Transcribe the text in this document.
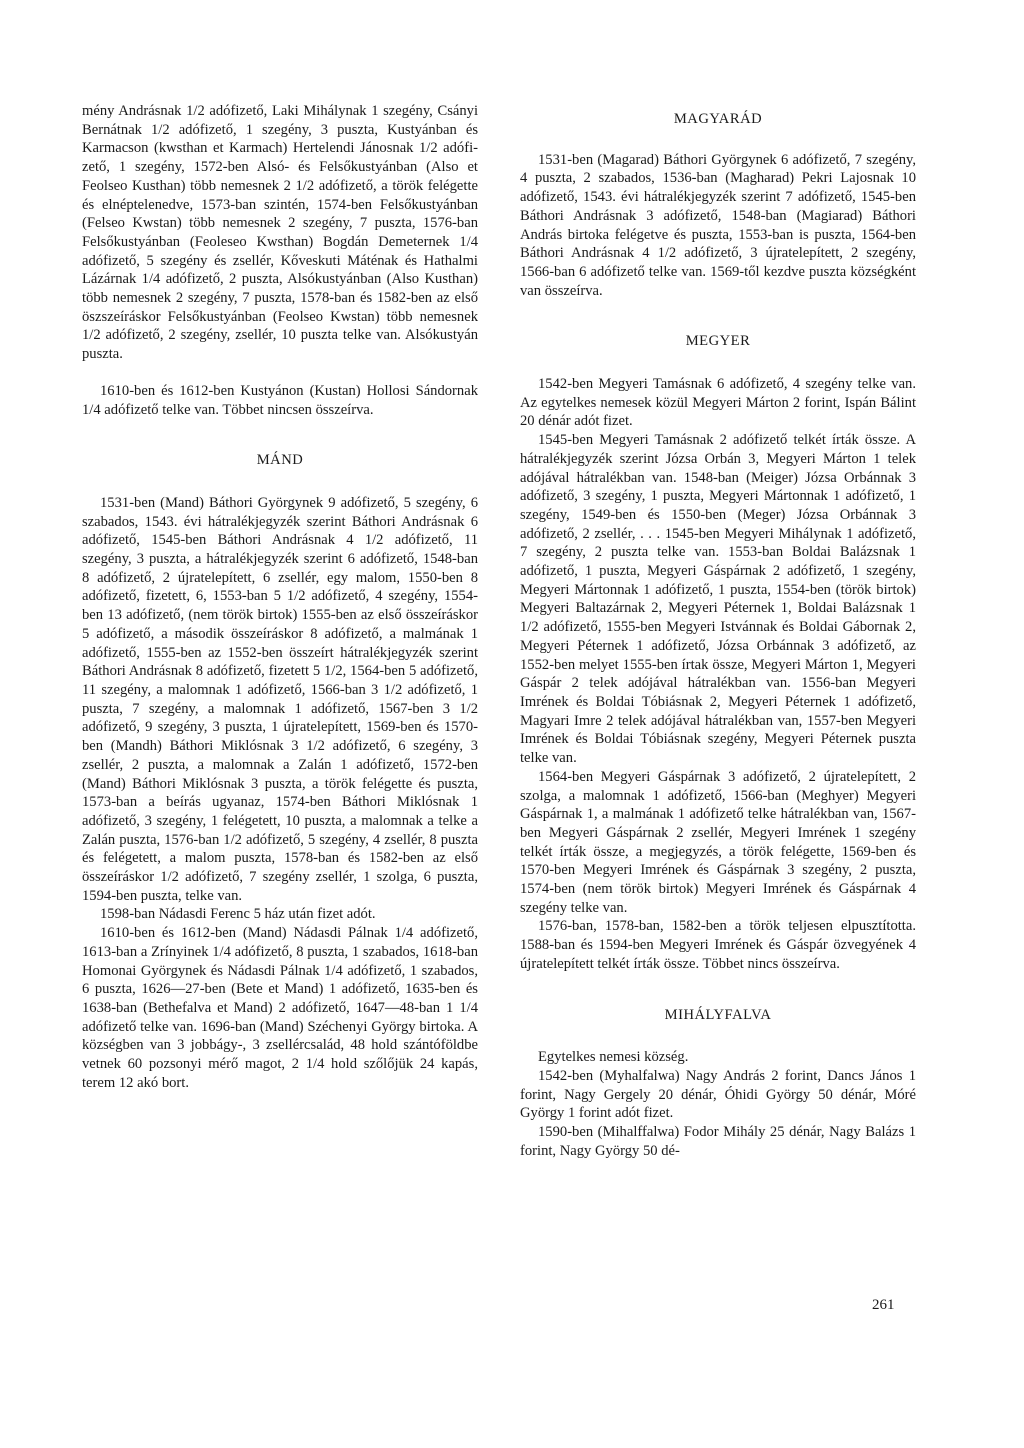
mény Andrásnak 1/2 adófizető, Laki Mihálynak 1 szegény, Csányi Bernátnak 1/2 adófizető, 1 szegény, 3 puszta, Kustyánban és Karmacson (kwsthan et Karmach) Hertelendi Jánosnak 1/2 adófizető, 1 szegény, 1572-ben Alsó- és Felsőkustyánban (Also et Feolseo Kusthan) több nemesnek 2 1/2 adófizető, a török felégette és elnéptelenedve, 1573-ban szintén, 1574-ben Felsőkustyánban (Felseo Kwstan) több nemesnek 2 szegény, 7 puszta, 1576-ban Felsőkustyánban (Feoleseo Kwsthan) Bogdán Demeternek 1/4 adófizető, 5 szegény és zsellér, Kőveskuti Máténak és Hathalmi Lázárnak 1/4 adófizető, 2 puszta, Alsókustyánban (Also Kusthan) több nemesnek 2 szegény, 7 puszta, 1578-ban és 1582-ben az első öszszeíráskor Felsőkustyánban (Feolseo Kwstan) több nemesnek 1/2 adófizető, 2 szegény, zsellér, 10 puszta telke van. Alsókustyán puszta.

1610-ben és 1612-ben Kustyánon (Kustan) Hollosi Sándornak 1/4 adófizető telke van. Többet nincsen összeírva.

MÁND

1531-ben (Mand) Báthori Györgynek 9 adófizető, 5 szegény, 6 szabados, 1543. évi hátralékjegyzék szerint Báthori Andrásnak 6 adófizető, 1545-ben Báthori Andrásnak 4 1/2 adófizető, 11 szegény, 3 puszta, a hátralékjegyzék szerint 6 adófizető, 1548-ban 8 adófizető, 2 újratelepített, 6 zsellér, egy malom, 1550-ben 8 adófizető, fizetett, 6, 1553-ban 5 1/2 adófizető, 4 szegény, 1554-ben 13 adófizető, (nem török birtok) 1555-ben az első összeíráskor 5 adófizető, a második összeíráskor 8 adófizető, a malmának 1 adófizető, 1555-ben az 1552-ben összeírt hátralékjegyzék szerint Báthori Andrásnak 8 adófizető, fizetett 5 1/2, 1564-ben 5 adófizető, 11 szegény, a malomnak 1 adófizető, 1566-ban 3 1/2 adófizető, 1 puszta, 7 szegény, a malomnak 1 adófizető, 1567-ben 3 1/2 adófizető, 9 szegény, 3 puszta, 1 újratelepített, 1569-ben és 1570-ben (Mandh) Báthori Miklósnak 3 1/2 adófizető, 6 szegény, 3 zsellér, 2 puszta, a malomnak a Zalán 1 adófizető, 1572-ben (Mand) Báthori Miklósnak 3 puszta, a török felégette és puszta, 1573-ban a beírás ugyanaz, 1574-ben Báthori Miklósnak 1 adófizető, 3 szegény, 1 felégetett, 10 puszta, a malomnak a telke a Zalán puszta, 1576-ban 1/2 adófizető, 5 szegény, 4 zsellér, 8 puszta és felégetett, a malom puszta, 1578-ban és 1582-ben az első összeíráskor 1/2 adófizető, 7 szegény zsellér, 1 szolga, 6 puszta, 1594-ben puszta, telke van.

1598-ban Nádasdi Ferenc 5 ház után fizet adót.

1610-ben és 1612-ben (Mand) Nádasdi Pálnak 1/4 adófizető, 1613-ban a Zrínyinek 1/4 adófizető, 8 puszta, 1 szabados, 1618-ban Homonai Györgynek és Nádasdi Pálnak 1/4 adófizető, 1 szabados, 6 puszta, 1626—27-ben (Bete et Mand) 1 adófizető, 1635-ben és 1638-ban (Bethefalva et Mand) 2 adófizető, 1647—48-ban 1 1/4 adófizető telke van. 1696-ban (Mand) Széchenyi György birtoka. A községben van 3 jobbágy-, 3 zsellércsalád, 48 hold szántóföldbe vetnek 60 pozsonyi mérő magot, 2 1/4 hold szőlőjük 24 kapás, terem 12 akó bort.

MAGYARÁD

1531-ben (Magarad) Báthori Györgynek 6 adófizető, 7 szegény, 4 puszta, 2 szabados, 1536-ban (Magharad) Pekri Lajosnak 10 adófizető, 1543. évi hátralékjegyzék szerint 7 adófizető, 1545-ben Báthori Andrásnak 3 adófizető, 1548-ban (Magiarad) Báthori András birtoka felégetve és puszta, 1553-ban is puszta, 1564-ben Báthori Andrásnak 4 1/2 adófizető, 3 újratelepített, 2 szegény, 1566-ban 6 adófizető telke van. 1569-től kezdve puszta községként van összeírva.

MEGYER

1542-ben Megyeri Tamásnak 6 adófizető, 4 szegény telke van. Az egytelkes nemesek közül Megyeri Márton 2 forint, Ispán Bálint 20 dénár adót fizet.

1545-ben Megyeri Tamásnak 2 adófizető telkét írták össze. A hátralékjegyzék szerint Józsa Orbán 3, Megyeri Márton 1 telek adójával hátralékban van. 1548-ban (Meiger) Józsa Orbánnak 3 adófizető, 3 szegény, 1 puszta, Megyeri Mártonnak 1 adófizető, 1 szegény, 1549-ben és 1550-ben (Meger) Józsa Orbánnak 3 adófizető, 2 zsellér, . . . 1545-ben Megyeri Mihálynak 1 adófizető, 7 szegény, 2 puszta telke van. 1553-ban Boldai Balázsnak 1 adófizető, 1 puszta, Megyeri Gáspárnak 2 adófizető, 1 szegény, Megyeri Mártonnak 1 adófizető, 1 puszta, 1554-ben (török birtok) Megyeri Baltazárnak 2, Megyeri Péternek 1, Boldai Balázsnak 1 1/2 adófizető, 1555-ben Megyeri Istvánnak és Boldai Gábornak 2, Megyeri Péternek 1 adófizető, Józsa Orbánnak 3 adófizető, az 1552-ben melyet 1555-ben írtak össze, Megyeri Márton 1, Megyeri Gáspár 2 telek adójával hátralékban van. 1556-ban Megyeri Imrének és Boldai Tóbiásnak 2, Megyeri Péternek 1 adófizető, Magyari Imre 2 telek adójával hátralékban van, 1557-ben Megyeri Imrének és Boldai Tóbiásnak szegény, Megyeri Péternek puszta telke van.

1564-ben Megyeri Gáspárnak 3 adófizető, 2 újratelepített, 2 szolga, a malomnak 1 adófizető, 1566-ban (Meghyer) Megyeri Gáspárnak 1, a malmának 1 adófizető telke hátralékban van, 1567-ben Megyeri Gáspárnak 2 zsellér, Megyeri Imrének 1 szegény telkét írták össze, a megjegyzés, a török felégette, 1569-ben és 1570-ben Megyeri Imrének és Gáspárnak 3 szegény, 2 puszta, 1574-ben (nem török birtok) Megyeri Imrének és Gáspárnak 4 szegény telke van.

1576-ban, 1578-ban, 1582-ben a török teljesen elpusztította. 1588-ban és 1594-ben Megyeri Imrének és Gáspár özvegyének 4 újratelepített telkét írták össze. Többet nincs összeírva.

MIHÁLYFALVA

Egytelkes nemesi község.

1542-ben (Myhalfalwa) Nagy András 2 forint, Dancs János 1 forint, Nagy Gergely 20 dénár, Óhidi György 50 dénár, Móré György 1 forint adót fizet.

1590-ben (Mihalffalwa) Fodor Mihály 25 dénár, Nagy Balázs 1 forint, Nagy György 50 dé-

261
